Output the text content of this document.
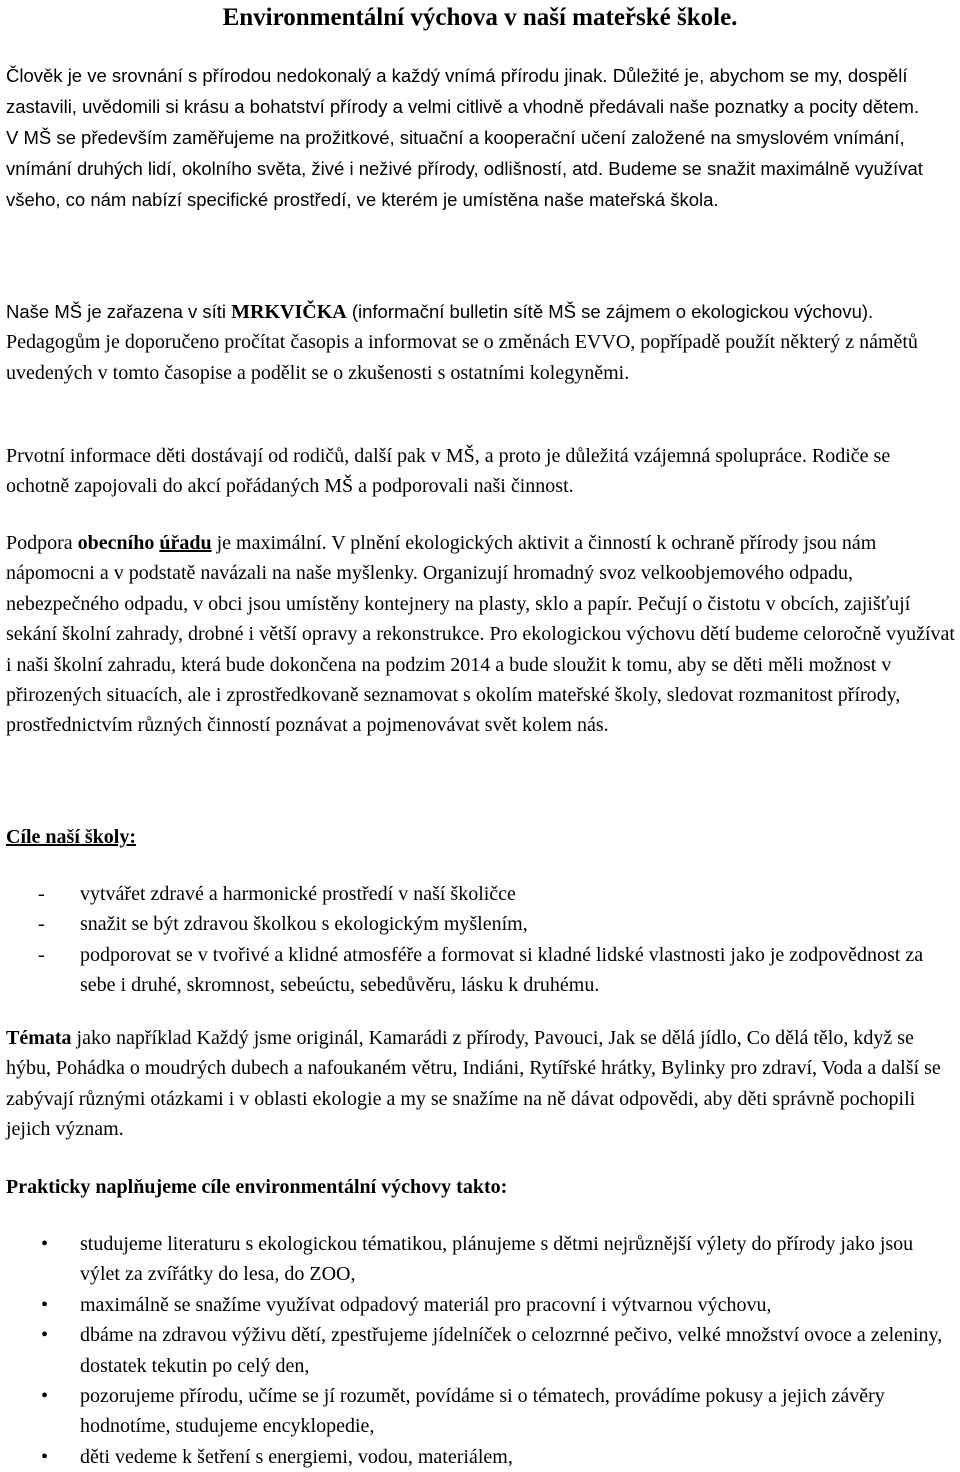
Environmentální výchova v naší mateřské škole.

Člověk je ve srovnání s přírodou nedokonalý a každý vnímá přírodu jinak. Důležité je, abychom se my, dospělí zastavili, uvědomili si krásu a bohatství přírody a velmi citlivě a vhodně předávali naše poznatky a pocity dětem.
V MŠ se především zaměřujeme na prožitkové, situační a kooperační učení založené na smyslovém vnímání, vnímání druhých lidí, okolního světa, živé i neživé přírody, odlišností, atd. Budeme se snažit maximálně využívat všeho, co nám nabízí specifické prostředí, ve kterém je umístěna naše mateřská škola.

Naše MŠ je zařazena v síti MRKVIČKA (informační bulletin sítě MŠ se zájmem o ekologickou výchovu). Pedagogům je doporučeno pročítat časopis a informovat se o změnách EVVO, popřípadě použít některý z námětů uvedených v tomto časopise a podělit se o zkušenosti s ostatními kolegyněmi.

Prvotní informace děti dostávají od rodičů, další pak v MŠ, a proto je důležitá vzájemná spolupráce. Rodiče se ochotně zapojovali do akcí pořádaných MŠ a podporovali naši činnost.

Podpora obecního úřadu je maximální. V plnění ekologických aktivit a činností k ochraně přírody jsou nám nápomocni a v podstatě navázali na naše myšlenky. Organizují hromadný svoz velkoobjemového odpadu, nebezpečného odpadu, v obci jsou umístěny kontejnery na plasty, sklo a papír. Pečují o čistotu v obcích, zajišťují sekání školní zahrady, drobné i větší opravy a rekonstrukce. Pro ekologickou výchovu dětí budeme celoročně využívat i naši školní zahradu, která bude dokončena na podzim 2014 a bude sloužit k tomu, aby se děti měli možnost v přirozených situacích, ale i zprostředkovaně seznamovat s okolím mateřské školy, sledovat rozmanitost přírody, prostřednictvím různých činností poznávat a pojmenovávat svět kolem nás.

Cíle naší školy:
- vytvářet zdravé a harmonické prostředí v naší školičce
- snažit se být zdravou školkou s ekologickým myšlením,
- podporovat se v tvořivé a klidné atmosféře a formovat si kladné lidské vlastnosti jako je zodpovědnost za sebe i druhé, skromnost, sebeúctu, sebedůvěru, lásku k druhému.

Témata jako například Každý jsme originál, Kamarádi z přírody, Pavouci, Jak se dělá jídlo, Co dělá tělo, když se hýbu, Pohádka o moudrých dubech a nafoukaném větru, Indiáni, Rytířské hrátky, Bylinky pro zdraví, Voda a další se zabývají různými otázkami i v oblasti ekologie a my se snažíme na ně dávat odpovědi, aby děti správně pochopili jejich význam.

Prakticky naplňujeme cíle environmentální výchovy takto:
• studujeme literaturu s ekologickou tématikou, plánujeme s dětmi nejrůznější výlety do přírody jako jsou výlet za zvířátky do lesa, do ZOO,
• maximálně se snažíme využívat odpadový materiál pro pracovní i výtvarnou výchovu,
• dbáme na zdravou výživu dětí, zpestřujeme jídelníček o celozrnné pečivo, velké množství ovoce a zeleniny, dostatek tekutin po celý den,
• pozorujeme přírodu, učíme se jí rozumět, povídáme si o tématech, provádíme pokusy a jejich závěry hodnotíme, studujeme encyklopedie,
• děti vedeme k šetření s energiemi, vodou, materiálem,
